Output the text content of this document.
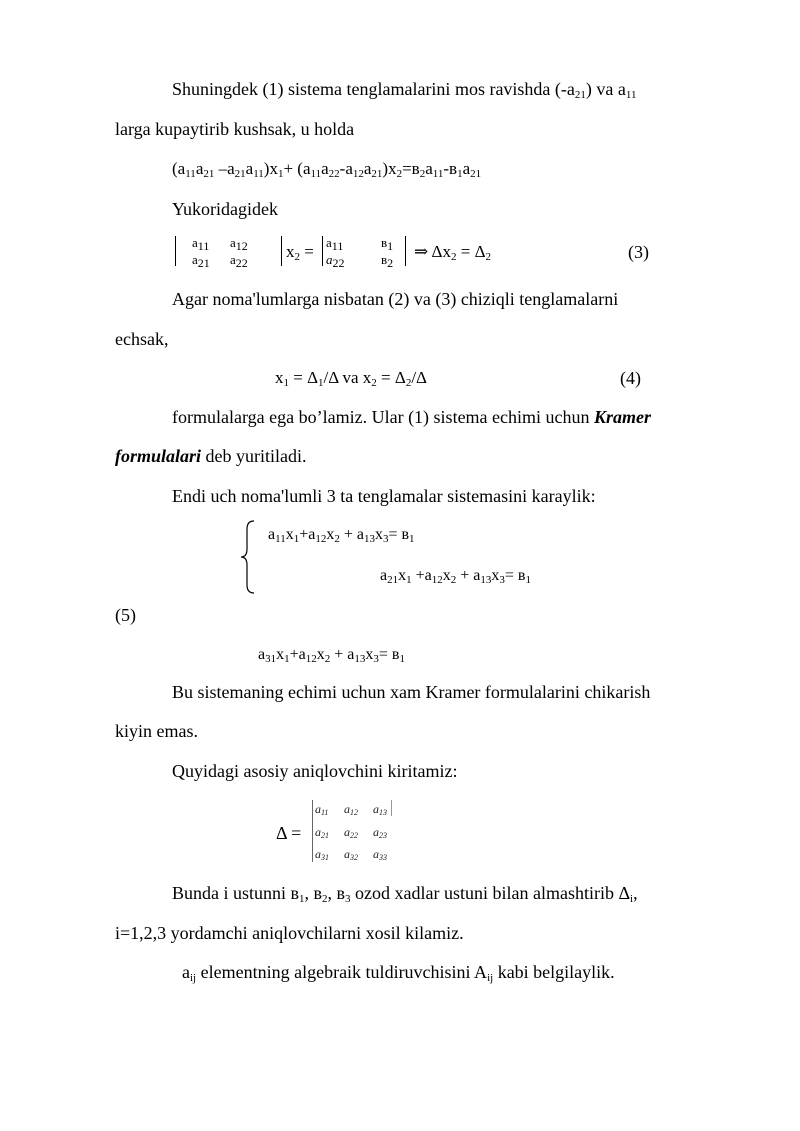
Shuningdek (1) sistema tenglamalarini mos ravishda $(-a_{21})$ va $a_{11}$
larga kupaytirib kushsak, u holda
($a_{11}a_{21}$ $-a_{21}a_{11})x_1+ (a_{11}a_{22}-a_{12}a_{21})x_2=в_2a_{11}-в_1a_{21}$
Yukoridagidek
$a_{11}$ $a_{12}$
$a_{21}$ $a_{22}$
$x_2 = a_{11}$	$в_1$
$a_{22}$	$в_2$
⇒ $\Delta x_2 = \Delta_2$	(3)
Agar noma'lumlarga nisbatan (2) va (3) chiziqli tenglamalarni
echsak,
$x_1 = \Delta_1/\Delta$ va $x_2 = \Delta_2/\Delta$	(4)
formulalarga ega bo’lamiz. Ular (1) sistema echimi uchun Kramer
formulalari deb yuritiladi.
Endi uch noma'lumli 3 ta tenglamalar sistemasini karaylik:
$a_{11}x_1+a_{12}x_2 + a_{13}x_3= в_1$
$a_{21}x_1 +a_{12}x_2 + a_{13}x_3= в_1$
(5)
$a_{31}x_1+a_{12}x_2 + a_{13}x_3= в_1$
Bu sistemaning echimi uchun xam Kramer formulalarini chikarish
kiyin emas.
Quyidagi asosiy aniqlovchini kiritamiz:
Δ =
$a_{11}$ $a_{12}$ $a_{13}$
$a_{21}$ $a_{22}$ $a_{23}$
$a_{31}$ $a_{32}$ $a_{33}$
Bunda i ustunni $в_1$, $в_2$, $в_3$ ozod xadlar ustuni bilan almashtirib $\Delta_i$,
i=1,2,3 yordamchi aniqlovchilarni xosil kilamiz.
$a_{ij}$ elementning algebraik tuldiruvchisini $A_{ij}$ kabi belgilaylik.
